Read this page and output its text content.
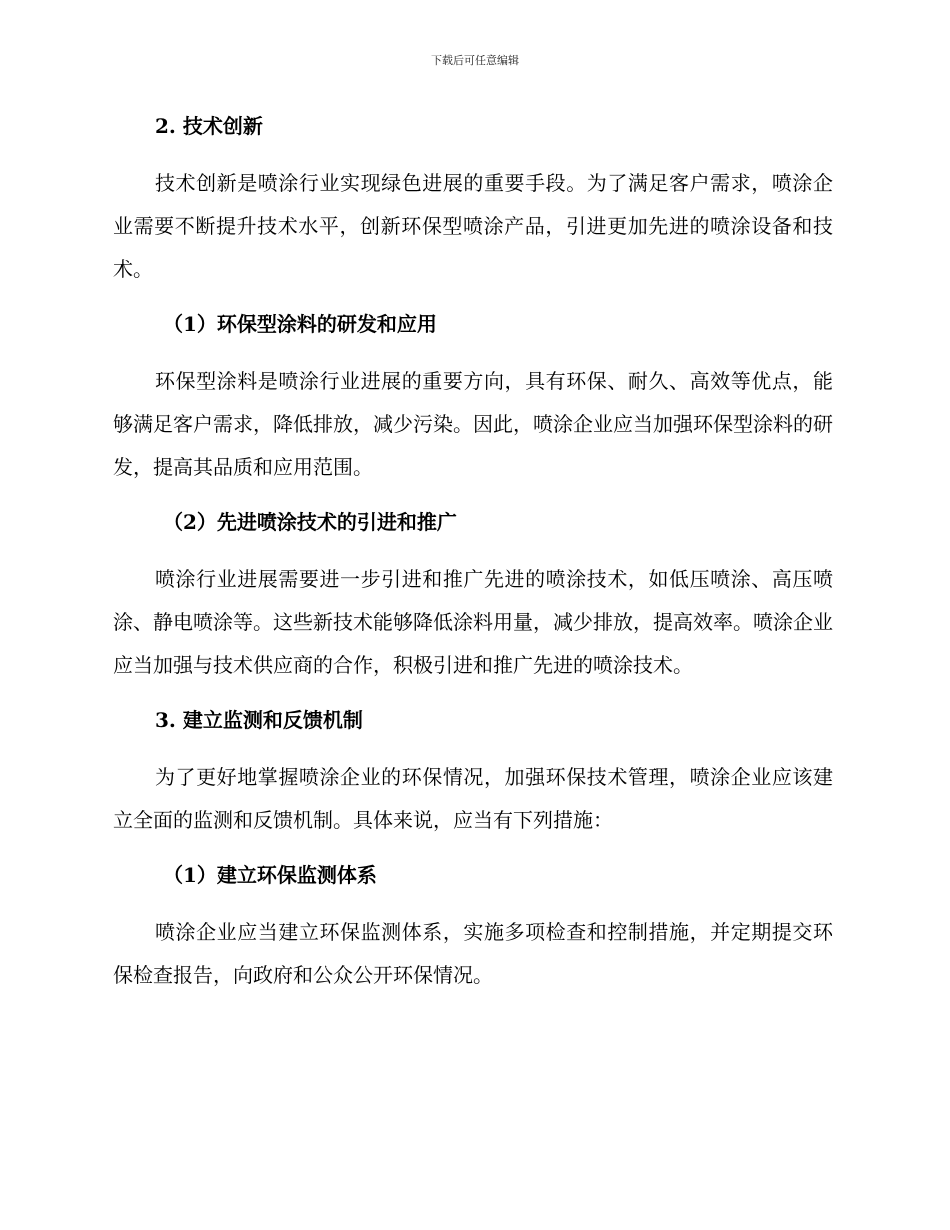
下载后可任意编辑
2. 技术创新

技术创新是喷涂行业实现绿色进展的重要手段。为了满足客户需求，喷涂企业需要不断提升技术水平，创新环保型喷涂产品，引进更加先进的喷涂设备和技术。

（1）环保型涂料的研发和应用

环保型涂料是喷涂行业进展的重要方向，具有环保、耐久、高效等优点，能够满足客户需求，降低排放，减少污染。因此，喷涂企业应当加强环保型涂料的研发，提高其品质和应用范围。

（2）先进喷涂技术的引进和推广

喷涂行业进展需要进一步引进和推广先进的喷涂技术，如低压喷涂、高压喷涂、静电喷涂等。这些新技术能够降低涂料用量，减少排放，提高效率。喷涂企业应当加强与技术供应商的合作，积极引进和推广先进的喷涂技术。

3. 建立监测和反馈机制

为了更好地掌握喷涂企业的环保情况，加强环保技术管理，喷涂企业应该建立全面的监测和反馈机制。具体来说，应当有下列措施：

（1）建立环保监测体系

喷涂企业应当建立环保监测体系，实施多项检查和控制措施，并定期提交环保检查报告，向政府和公众公开环保情况。
